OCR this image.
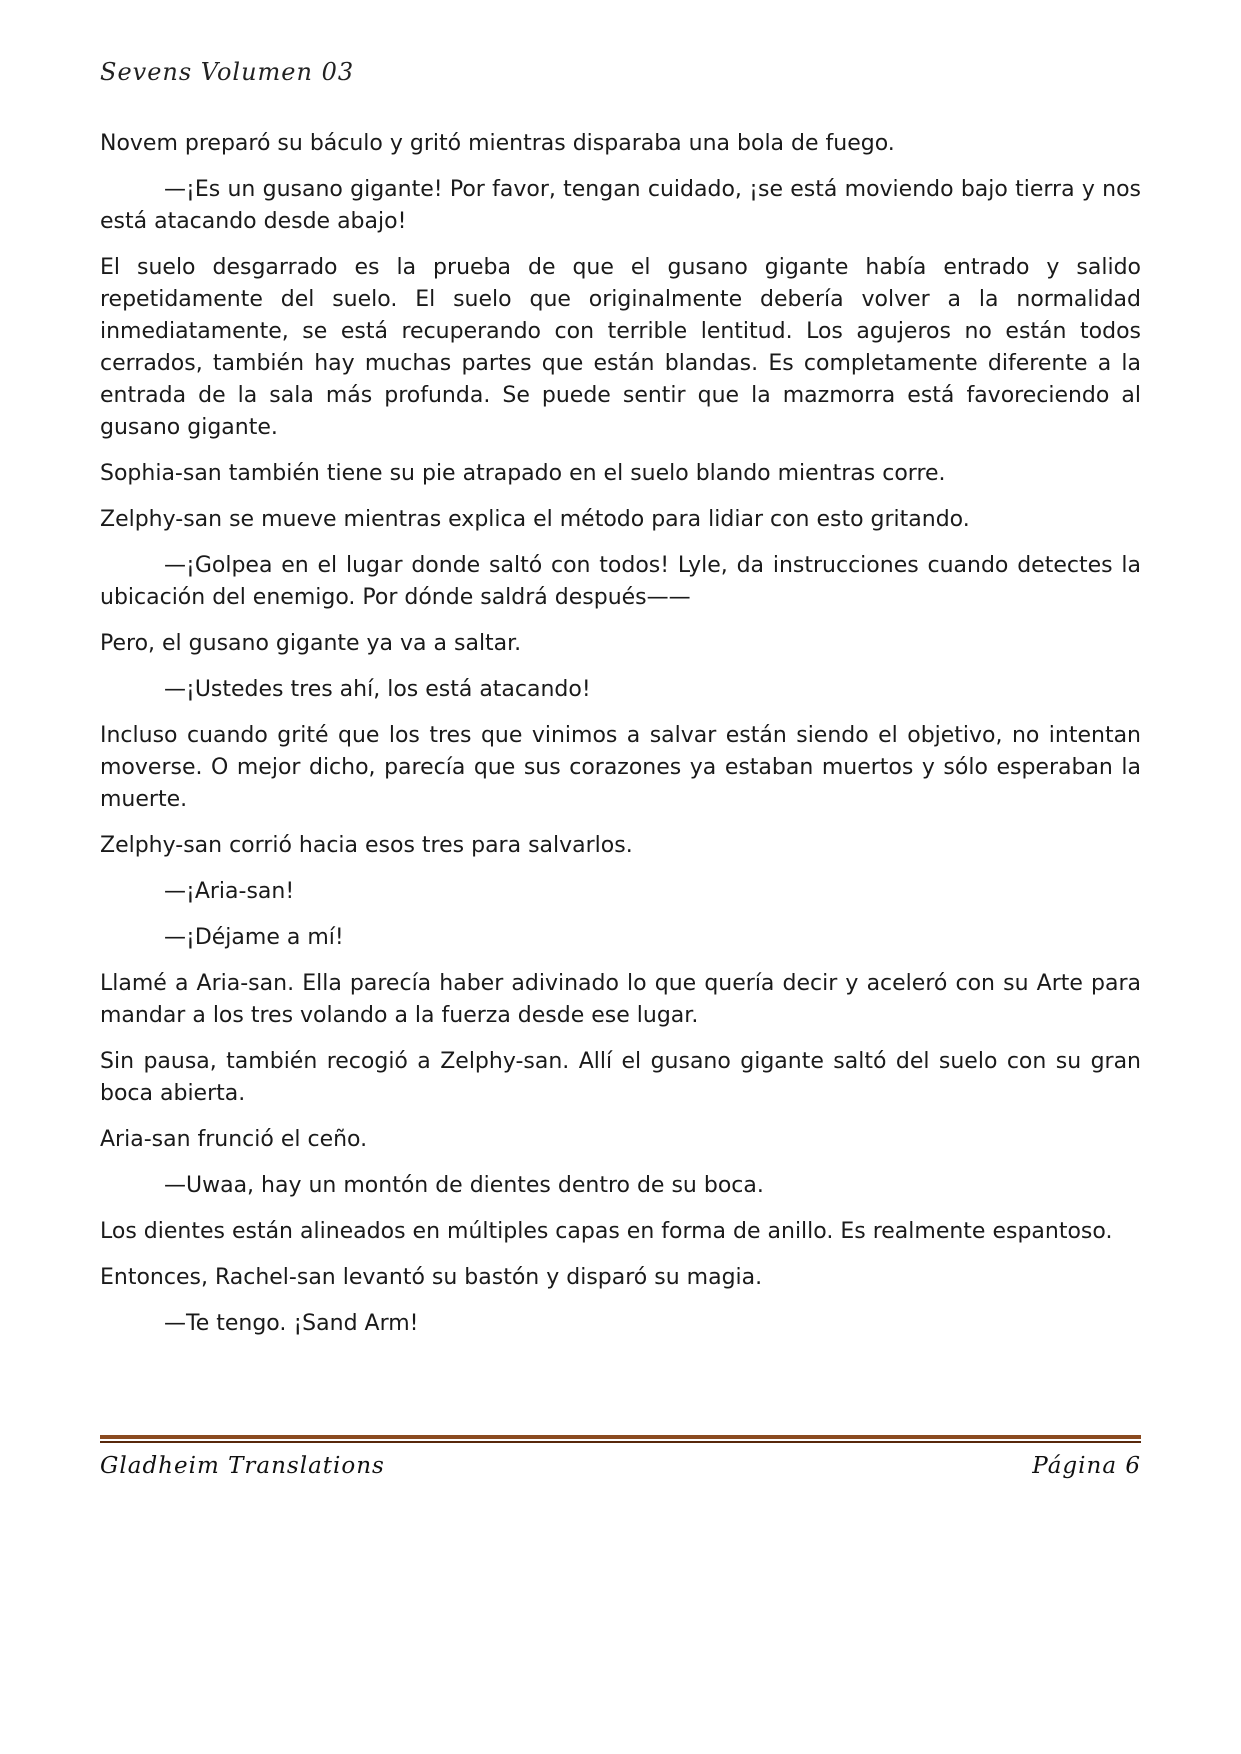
Sevens Volumen 03

Novem preparó su báculo y gritó mientras disparaba una bola de fuego.

—¡Es un gusano gigante! Por favor, tengan cuidado, ¡se está moviendo bajo tierra y nos está atacando desde abajo!

El suelo desgarrado es la prueba de que el gusano gigante había entrado y salido repetidamente del suelo. El suelo que originalmente debería volver a la normalidad inmediatamente, se está recuperando con terrible lentitud. Los agujeros no están todos cerrados, también hay muchas partes que están blandas. Es completamente diferente a la entrada de la sala más profunda. Se puede sentir que la mazmorra está favoreciendo al gusano gigante.

Sophia-san también tiene su pie atrapado en el suelo blando mientras corre.

Zelphy-san se mueve mientras explica el método para lidiar con esto gritando.

—¡Golpea en el lugar donde saltó con todos! Lyle, da instrucciones cuando detectes la ubicación del enemigo. Por dónde saldrá después——

Pero, el gusano gigante ya va a saltar.

—¡Ustedes tres ahí, los está atacando!

Incluso cuando grité que los tres que vinimos a salvar están siendo el objetivo, no intentan moverse. O mejor dicho, parecía que sus corazones ya estaban muertos y sólo esperaban la muerte.

Zelphy-san corrió hacia esos tres para salvarlos.

—¡Aria-san!

—¡Déjame a mí!

Llamé a Aria-san. Ella parecía haber adivinado lo que quería decir y aceleró con su Arte para mandar a los tres volando a la fuerza desde ese lugar.

Sin pausa, también recogió a Zelphy-san. Allí el gusano gigante saltó del suelo con su gran boca abierta.

Aria-san frunció el ceño.

—Uwaa, hay un montón de dientes dentro de su boca.

Los dientes están alineados en múltiples capas en forma de anillo. Es realmente espantoso.

Entonces, Rachel-san levantó su bastón y disparó su magia.

—Te tengo. ¡Sand Arm!

Gladheim Translations	Página 6
